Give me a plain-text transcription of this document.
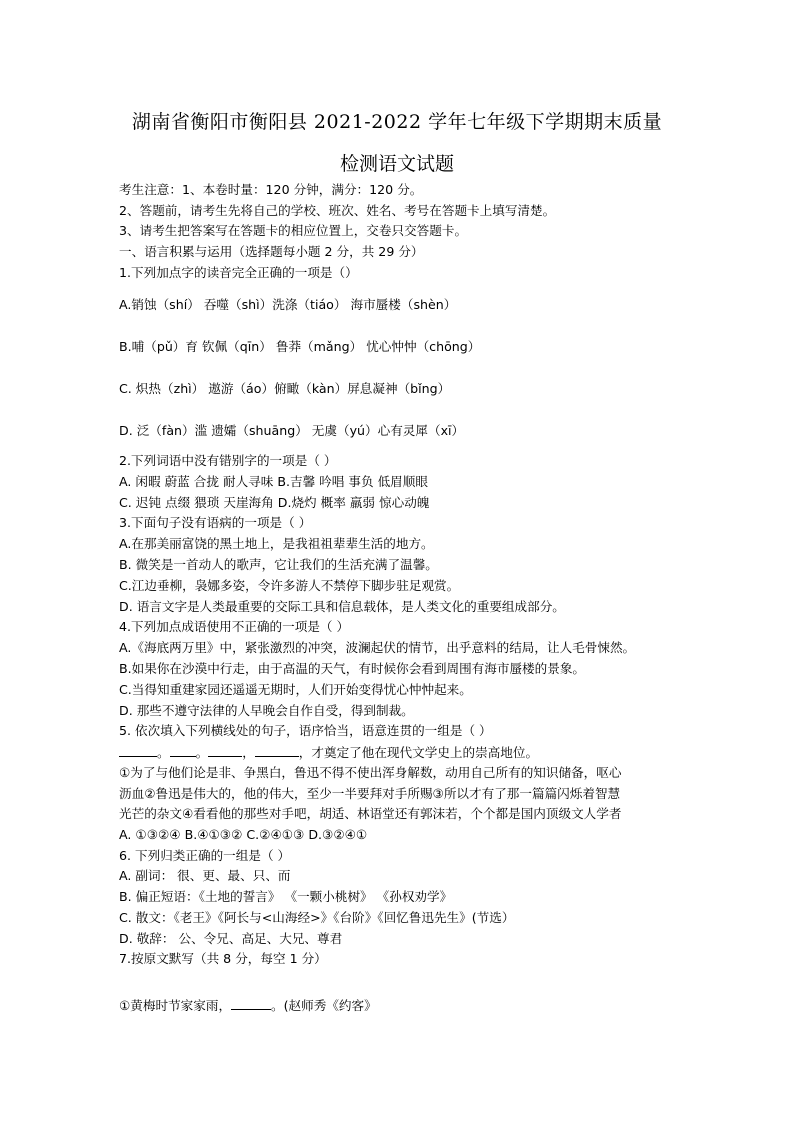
湖南省衡阳市衡阳县 2021-2022 学年七年级下学期期末质量
检测语文试题
考生注意：1、本卷时量：120 分钟，满分：120 分。
2、答题前，请考生先将自己的学校、班次、姓名、考号在答题卡上填写清楚。
3、请考生把答案写在答题卡的相应位置上，交卷只交答题卡。
一、语言积累与运用（选择题每小题 2 分，共 29 分）
1.下列加点字的读音完全正确的一项是（）
A.销蚀（shí） 吞噬（shì）洗涤（tiáo） 海市蜃楼（shèn）
B.哺（pǔ）育 钦佩（qīn） 鲁莽（mǎng） 忧心忡忡（chōng）
C. 炽热（zhì） 遨游（áo）俯瞰（kàn）屏息凝神（bǐng）
D. 泛（fàn）滥 遗孀（shuāng） 无虞（yú）心有灵犀（xī）
2.下列词语中没有错别字的一项是（ ）
A. 闲暇 蔚蓝 合拢 耐人寻味 B.吉馨 吟唱 事负 低眉顺眼
C. 迟钝 点缀 猥琐 天崖海角 D.烧灼 概率 羸弱 惊心动魄
3.下面句子没有语病的一项是（ ）
A.在那美丽富饶的黑土地上，是我祖祖辈辈生活的地方。
B. 微笑是一首动人的歌声，它让我们的生活充满了温馨。
C.江边垂柳，袅娜多姿，令许多游人不禁停下脚步驻足观赏。
D. 语言文字是人类最重要的交际工具和信息载体，是人类文化的重要组成部分。
4.下列加点成语使用不正确的一项是（ ）
A.《海底两万里》中，紧张激烈的冲突，波澜起伏的情节，出乎意料的结局，让人毛骨悚然。
B.如果你在沙漠中行走，由于高温的天气，有时候你会看到周围有海市蜃楼的景象。
C.当得知重建家园还遥遥无期时，人们开始变得忧心忡忡起来。
D. 那些不遵守法律的人早晚会自作自受，得到制裁。
5. 依次填入下列横线处的句子，语序恰当，语意连贯的一组是（ ）
。 。	，	，才奠定了他在现代文学史上的崇高地位。
①为了与他们论是非、争黑白，鲁迅不得不使出浑身解数，动用自己所有的知识储备，呕心
沥血②鲁迅是伟大的，他的伟大，至少一半要拜对手所赐③所以才有了那一篇篇闪烁着智慧
光芒的杂文④看看他的那些对手吧，胡适、林语堂还有郭沫若，个个都是国内顶级文人学者
A. ①③②④ B.④①③② C.②④①③ D.③②④①
6. 下列归类正确的一组是（ ）
A. 副词： 很、更、最、只、而
B. 偏正短语：《土地的誓言》 《一颗小桃树》 《孙权劝学》
C. 散文：《老王》《阿长与<山海经>》《台阶》《回忆鲁迅先生》(节选）
D. 敬辞： 公、令兄、高足、大兄、尊君
7.按原文默写（共 8 分，每空 1 分）
①黄梅时节家家雨，	。(赵师秀《约客》
